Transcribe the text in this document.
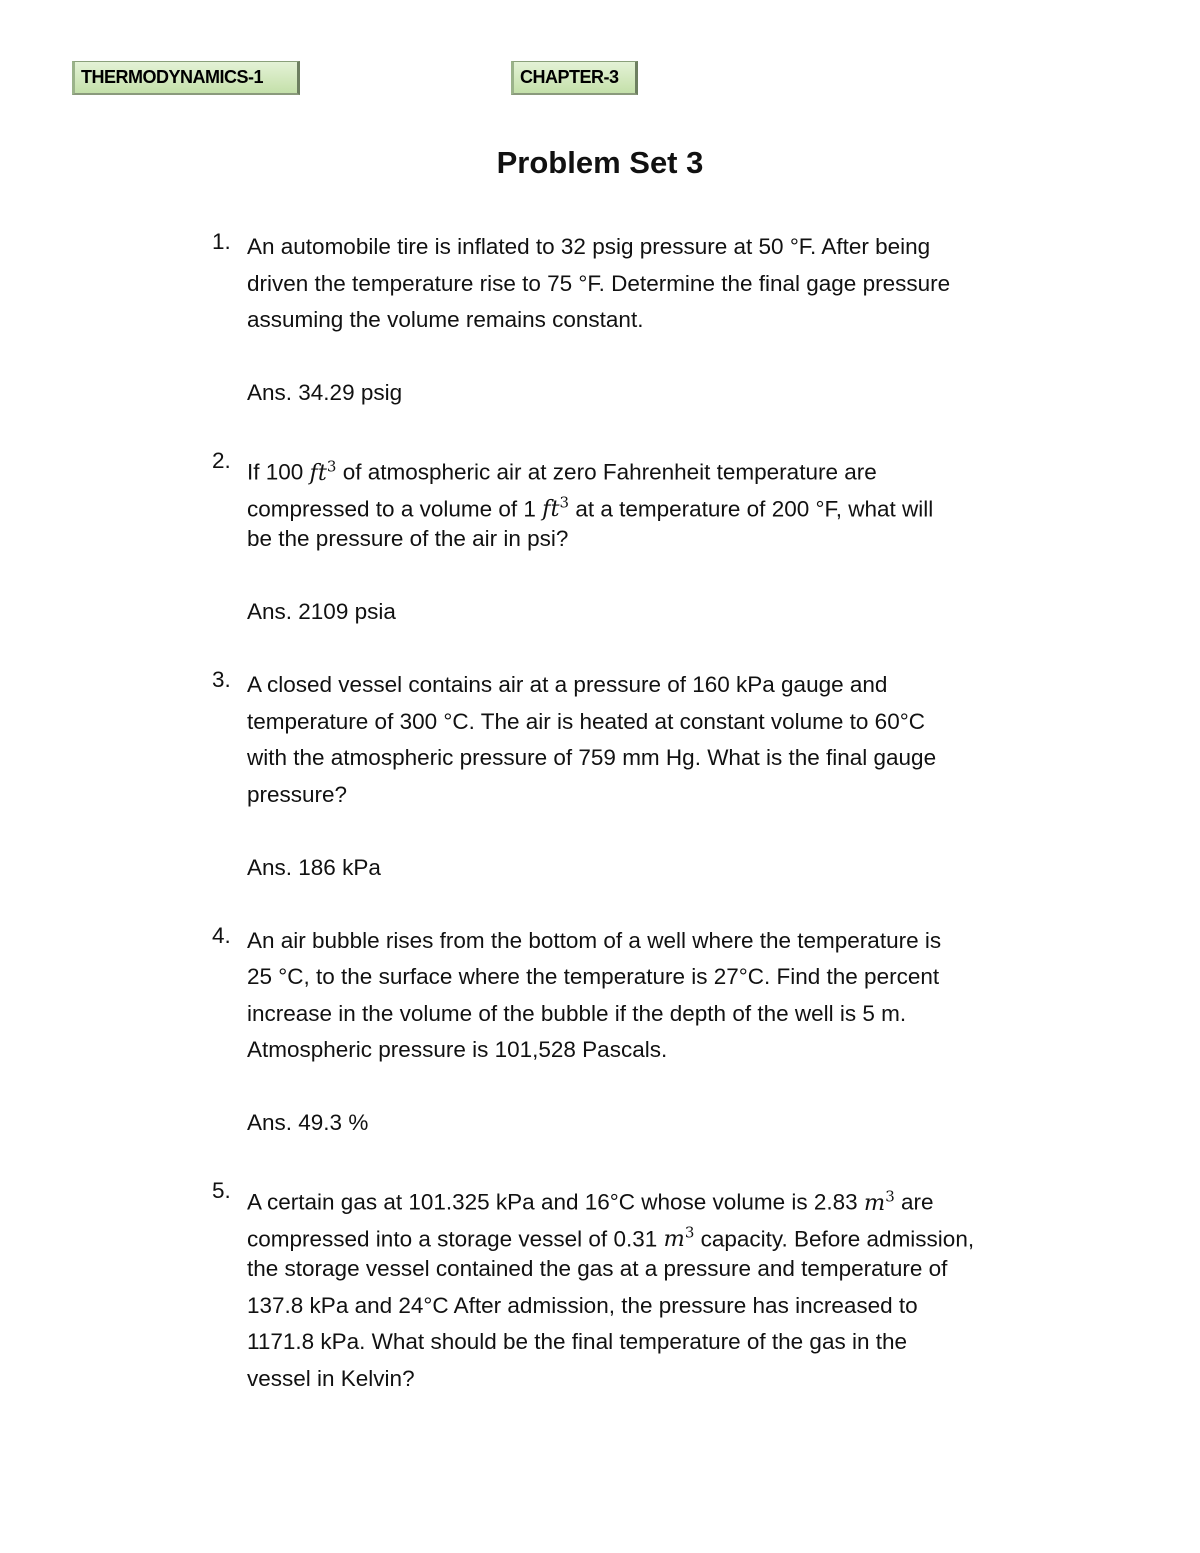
THERMODYNAMICS-1	CHAPTER-3
Problem Set 3
1. An automobile tire is inflated to 32 psig pressure at 50 °F. After being
driven the temperature rise to 75 °F. Determine the final gage pressure
assuming the volume remains constant.
Ans. 34.29 psig
2. If 100 $ft^3$ of atmospheric air at zero Fahrenheit temperature are
compressed to a volume of 1 $ft^3$ at a temperature of 200 °F, what will
be the pressure of the air in psi?
Ans. 2109 psia
3. A closed vessel contains air at a pressure of 160 kPa gauge and
temperature of 300 °C. The air is heated at constant volume to 60°C
with the atmospheric pressure of 759 mm Hg. What is the final gauge
pressure?
Ans. 186 kPa
4. An air bubble rises from the bottom of a well where the temperature is
25 °C, to the surface where the temperature is 27°C. Find the percent
increase in the volume of the bubble if the depth of the well is 5 m.
Atmospheric pressure is 101,528 Pascals.
Ans. 49.3 %
5. A certain gas at 101.325 kPa and 16°C whose volume is 2.83 $m^3$ are
compressed into a storage vessel of 0.31 $m^3$ capacity. Before admission,
the storage vessel contained the gas at a pressure and temperature of
137.8 kPa and 24°C After admission, the pressure has increased to
1171.8 kPa. What should be the final temperature of the gas in the
vessel in Kelvin?
